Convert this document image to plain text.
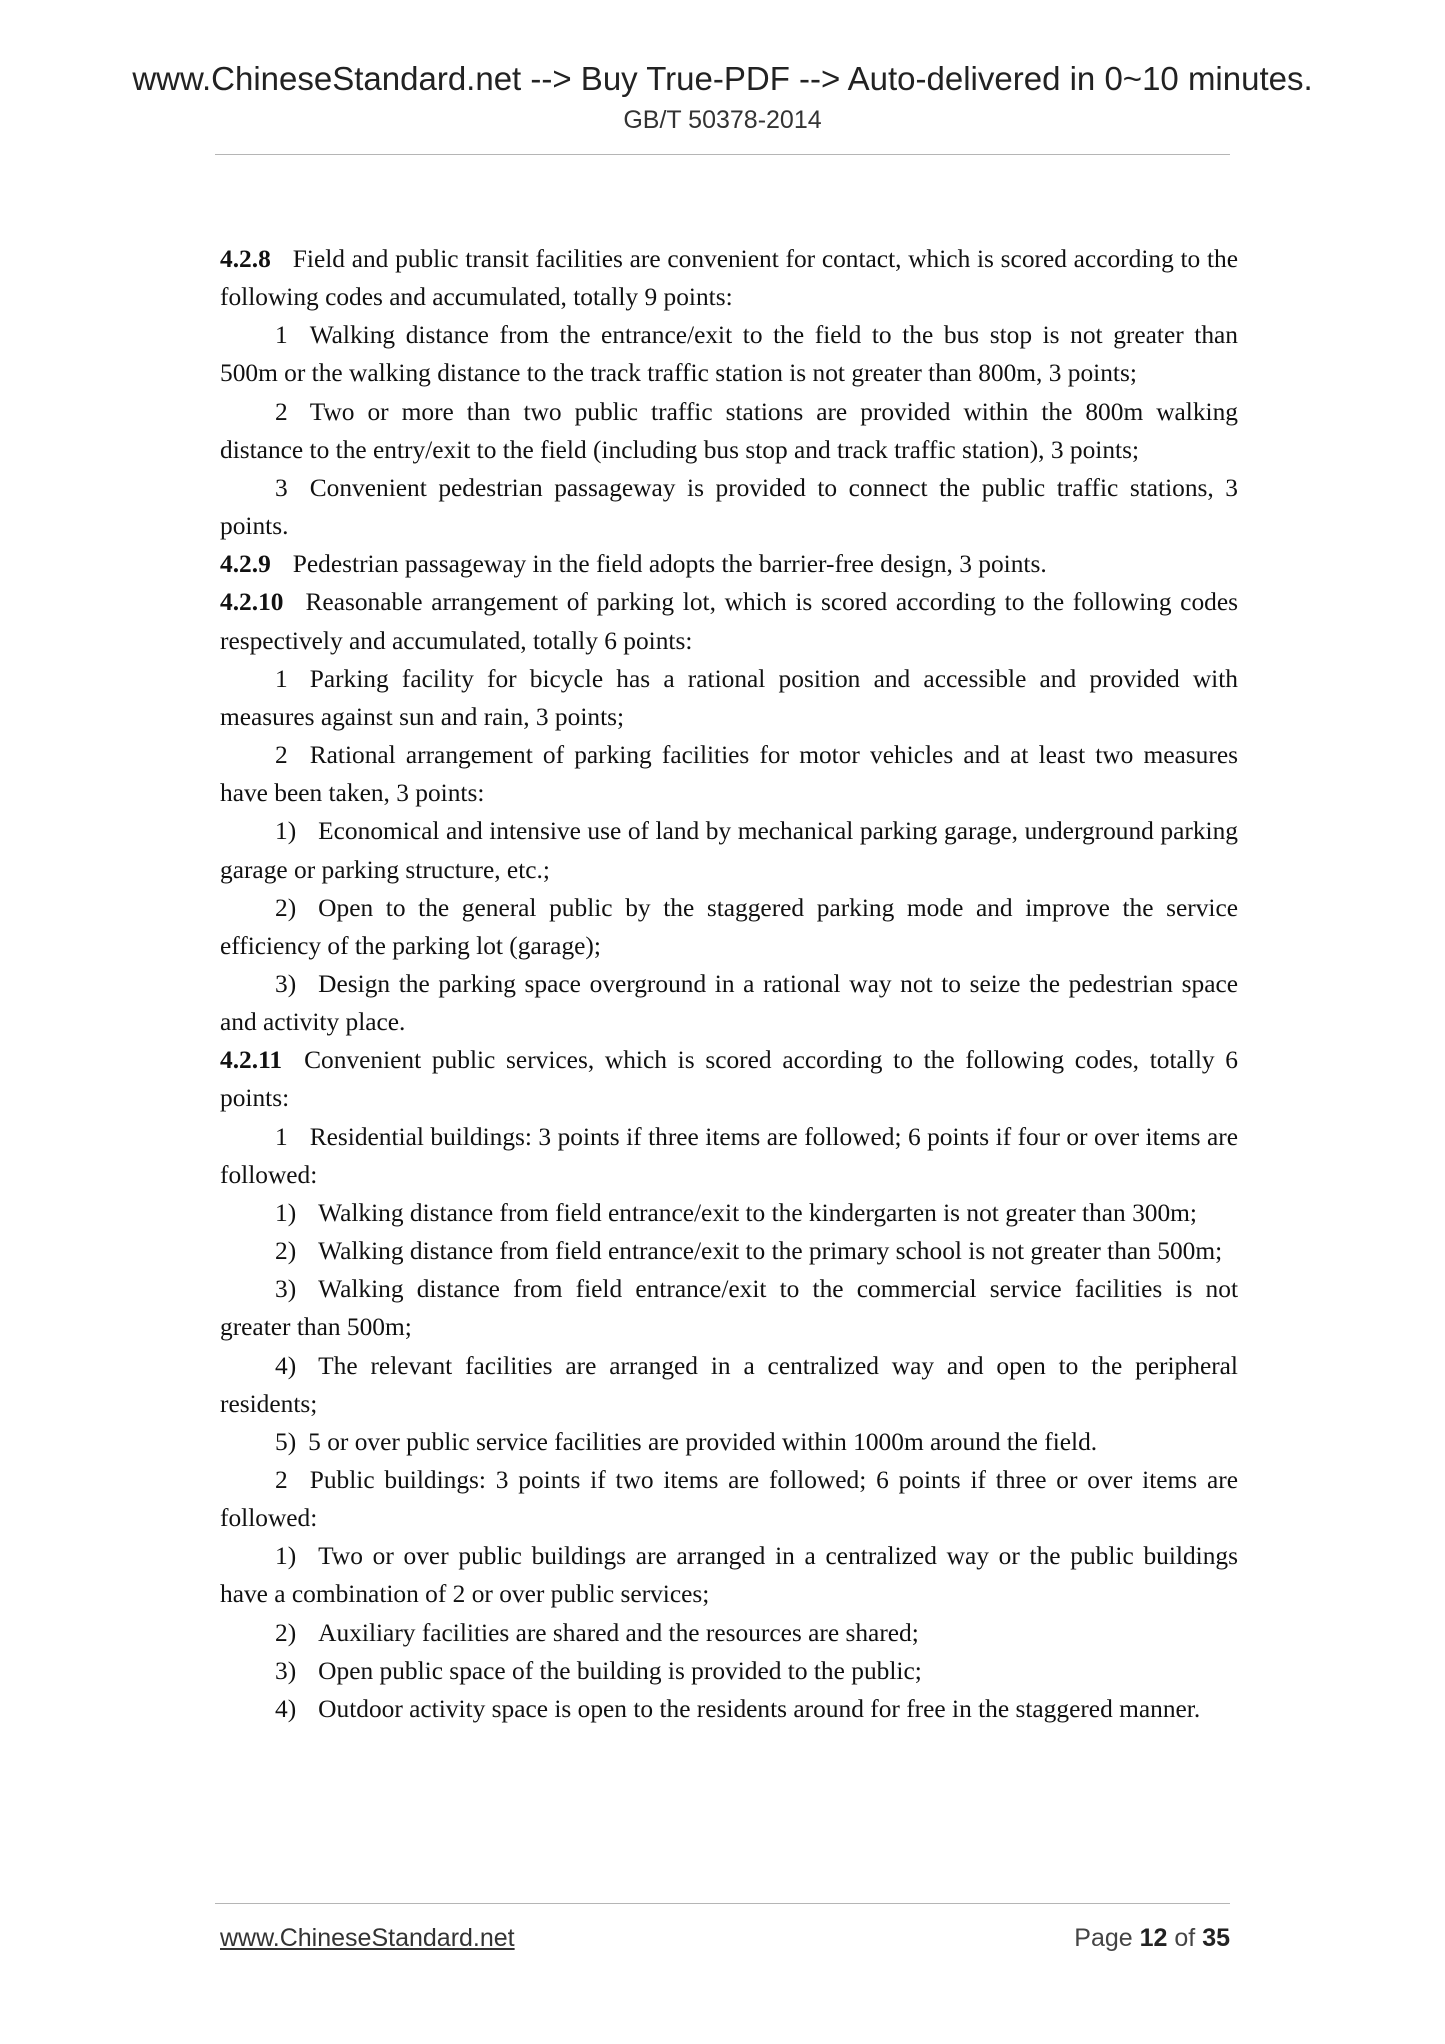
www.ChineseStandard.net --> Buy True-PDF --> Auto-delivered in 0~10 minutes.
GB/T 50378-2014

4.2.8 Field and public transit facilities are convenient for contact, which is scored according to the following codes and accumulated, totally 9 points:

1 Walking distance from the entrance/exit to the field to the bus stop is not greater than 500m or the walking distance to the track traffic station is not greater than 800m, 3 points;

2 Two or more than two public traffic stations are provided within the 800m walking distance to the entry/exit to the field (including bus stop and track traffic station), 3 points;

3 Convenient pedestrian passageway is provided to connect the public traffic stations, 3 points.

4.2.9 Pedestrian passageway in the field adopts the barrier-free design, 3 points.

4.2.10 Reasonable arrangement of parking lot, which is scored according to the following codes respectively and accumulated, totally 6 points:

1 Parking facility for bicycle has a rational position and accessible and provided with measures against sun and rain, 3 points;

2 Rational arrangement of parking facilities for motor vehicles and at least two measures have been taken, 3 points:

1) Economical and intensive use of land by mechanical parking garage, underground parking garage or parking structure, etc.;

2) Open to the general public by the staggered parking mode and improve the service efficiency of the parking lot (garage);

3) Design the parking space overground in a rational way not to seize the pedestrian space and activity place.

4.2.11 Convenient public services, which is scored according to the following codes, totally 6 points:

1 Residential buildings: 3 points if three items are followed; 6 points if four or over items are followed:

1) Walking distance from field entrance/exit to the kindergarten is not greater than 300m;

2) Walking distance from field entrance/exit to the primary school is not greater than 500m;

3) Walking distance from field entrance/exit to the commercial service facilities is not greater than 500m;

4) The relevant facilities are arranged in a centralized way and open to the peripheral residents;

5) 5 or over public service facilities are provided within 1000m around the field.

2 Public buildings: 3 points if two items are followed; 6 points if three or over items are followed:

1) Two or over public buildings are arranged in a centralized way or the public buildings have a combination of 2 or over public services;

2) Auxiliary facilities are shared and the resources are shared;

3) Open public space of the building is provided to the public;

4) Outdoor activity space is open to the residents around for free in the staggered manner.

www.ChineseStandard.net	Page 12 of 35
